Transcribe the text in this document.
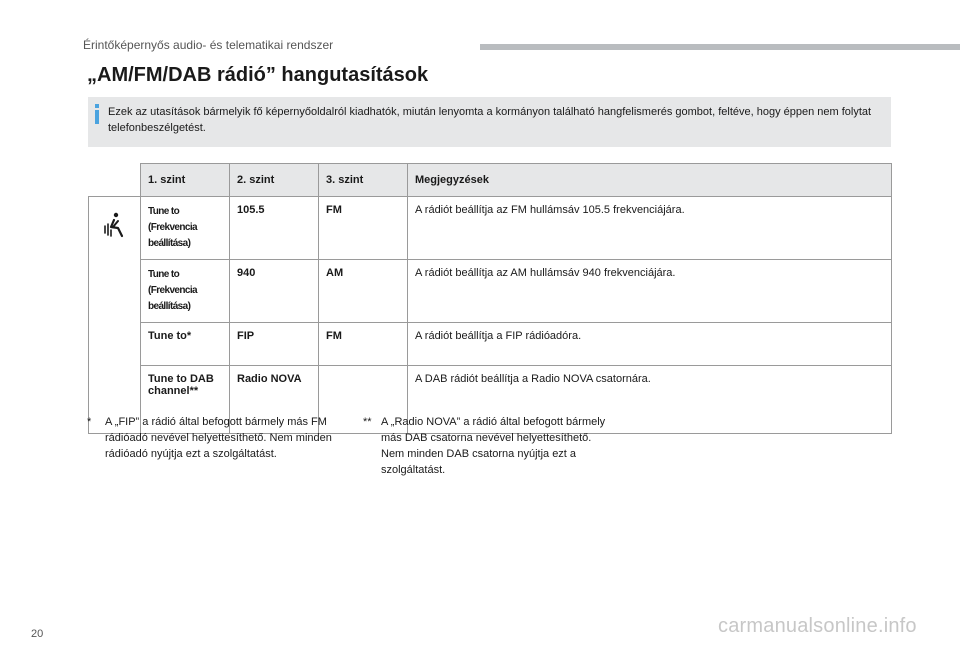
Érintőképernyős audio- és telematikai rendszer
„AM/FM/DAB rádió” hangutasítások
Ezek az utasítások bármelyik fő képernyőoldalról kiadhatók, miután lenyomta a kormányon található hangfelismerés gombot, feltéve, hogy éppen nem folytat telefonbeszélgetést.
	1. szint	2. szint	3. szint	Megjegyzések

	Tune to (Frekvencia beállítása)	105.5	FM	A rádiót beállítja az FM hullámsáv 105.5 frekvenciájára.
	Tune to (Frekvencia beállítása)	940	AM	A rádiót beállítja az AM hullámsáv 940 frekvenciájára.
	Tune to*	FIP	FM	A rádiót beállítja a FIP rádióadóra.
	Tune to DAB channel**	Radio NOVA		A DAB rádiót beállítja a Radio NOVA csatornára.
* A „FIP” a rádió által befogott bármely más FM rádióadó nevével helyettesíthető. Nem minden rádióadó nyújtja ezt a szolgáltatást.
** A „Radio NOVA” a rádió által befogott bármely más DAB csatorna nevével helyettesíthető. Nem minden DAB csatorna nyújtja ezt a szolgáltatást.
20	carmanualsonline.info
